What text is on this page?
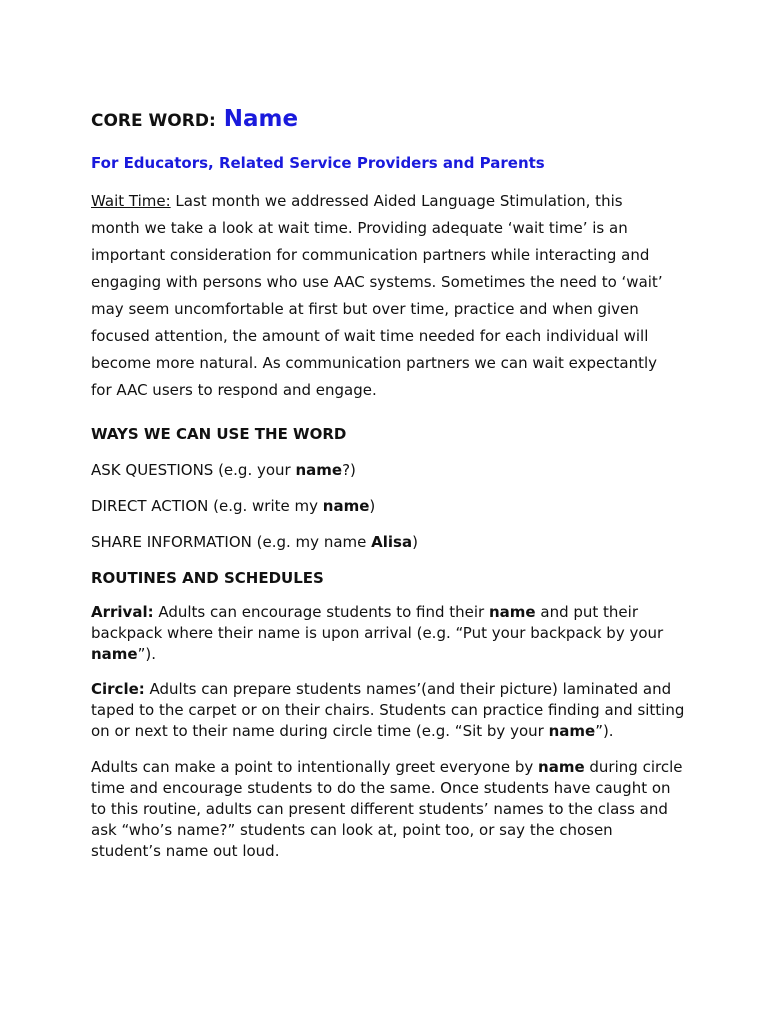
CORE WORD: Name

For Educators, Related Service Providers and Parents

Wait Time: Last month we addressed Aided Language Stimulation, this month we take a look at wait time. Providing adequate ‘wait time’ is an important consideration for communication partners while interacting and engaging with persons who use AAC systems. Sometimes the need to ‘wait’ may seem uncomfortable at first but over time, practice and when given focused attention, the amount of wait time needed for each individual will become more natural. As communication partners we can wait expectantly for AAC users to respond and engage.

WAYS WE CAN USE THE WORD

ASK QUESTIONS (e.g. your name?)

DIRECT ACTION (e.g. write my name)

SHARE INFORMATION (e.g. my name Alisa)

ROUTINES AND SCHEDULES

Arrival: Adults can encourage students to find their name and put their backpack where their name is upon arrival (e.g. “Put your backpack by your name”).

Circle: Adults can prepare students names’(and their picture) laminated and taped to the carpet or on their chairs. Students can practice finding and sitting on or next to their name during circle time (e.g. “Sit by your name”).

Adults can make a point to intentionally greet everyone by name during circle time and encourage students to do the same. Once students have caught on to this routine, adults can present different students’ names to the class and ask “who’s name?” students can look at, point too, or say the chosen student’s name out loud.
